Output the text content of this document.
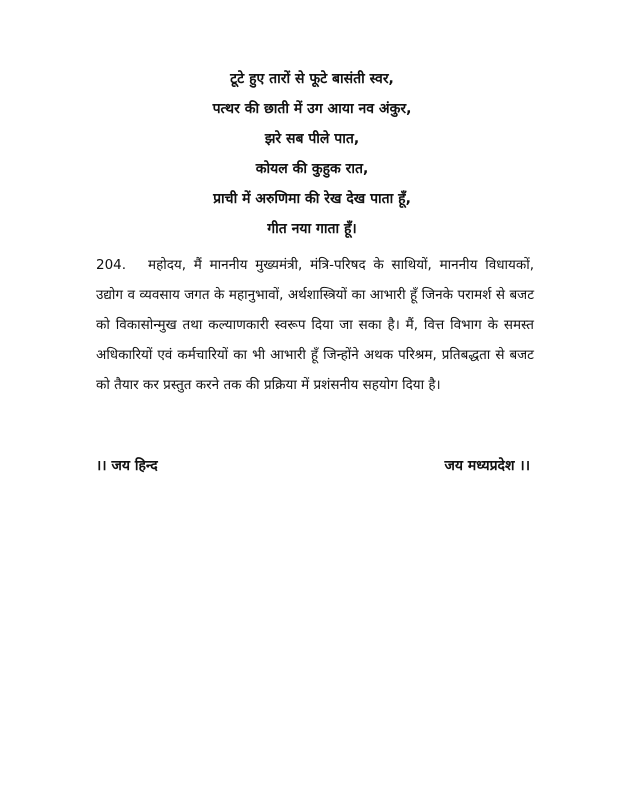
टूटे हुए तारों से फूटे बासंती स्वर,
पत्थर की छाती में उग आया नव अंकुर,
झरे सब पीले पात,
कोयल की कुहुक रात,
प्राची में अरुणिमा की रेख देख पाता हूँ,
गीत नया गाता हूँ।
204. महोदय, मैं माननीय मुख्यमंत्री, मंत्रि-परिषद के साथियों, माननीय विधायकों, उद्योग व व्यवसाय जगत के महानुभावों, अर्थशास्त्रियों का आभारी हूँ जिनके परामर्श से बजट को विकासोन्मुख तथा कल्याणकारी स्वरूप दिया जा सका है। मैं, वित्त विभाग के समस्त अधिकारियों एवं कर्मचारियों का भी आभारी हूँ जिन्होंने अथक परिश्रम, प्रतिबद्धता से बजट को तैयार कर प्रस्तुत करने तक की प्रक्रिया में प्रशंसनीय सहयोग दिया है।
।। जय हिन्द	जय मध्यप्रदेश ।।
